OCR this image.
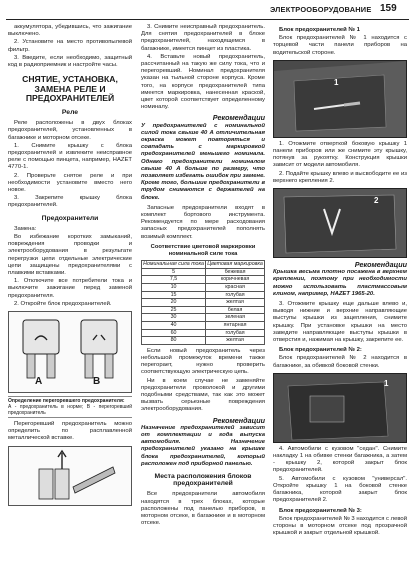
ЭЛЕКТРООБОРУДОВАНИЕ 159
аккумулятора, убедившись, что зажигание выключено.
2. Установите на место противопылевой фильтр.
3. Введите, если необходимо, защитный код в радиоприемник и настройте часы.
СНЯТИЕ, УСТАНОВКА, ЗАМЕНА РЕЛЕ И ПРЕДОХРАНИТЕЛЕЙ
Реле
Реле расположены в двух блоках предохранителей, установленных в багажнике и моторном отсеке.
1. Снимите крышку с блока предохранителей и извлеките неисправное реле с помощью пинцета, например, HAZET 4770-1.
2. Проверьте снятое реле и при необходимости установите вместо него новое.
3. Закрепите крышку блока предохранителей.
Предохранители
Замена:
Во избежание коротких замыканий, повреждения проводки и электрооборудования в результате перегрузки цепи отдельные электрические цепи защищены предохранителями с плавкими вставками.
1. Отключите все потребители тока и выключите зажигание перед заменой предохранителя.
2. Откройте блок предохранителей.
A	B
Определение перегоревшего предохранителя:
А - предохранитель в норме; В - перегоревший предохранитель
Перегоревший предохранитель можно определить по расплавленной металлической вставке.
3. Снимите неисправный предохранитель. Для снятия предохранителей в блоке предохранителей, находящемся в багажнике, имеется пинцет из пластика.
4. Вставьте новый предохранитель, рассчитанный на такую же силу тока, что и перегоревший. Номинал предохранителя указан на тыльной стороне корпуса. Кроме того, на корпусе предохранителей типа имеется маркировка, нанесенная краской, цвет которой соответствует определенному номиналу.
Рекомендации
У предохранителей с номинальной силой тока свыше 40 А отличительная окраска может повторяться и совпадать с маркировкой предохранителей меньшего номинала. Однако предохранители номиналом свыше 40 А больше по размеру, что позволяет избегать ошибок при замене. Кроме того, большие предохранители в трудом снимаются с держателей на блоке.
Запасные предохранители входят в комплект бортового инструмента. Рекомендуется по мере расходования запасных предохранителей пополнять возимый комплект.
Соответствие цветовой маркировки номинальной силе тока
Номинальная сила тока	Цветовая маркировка
5	бежевая
7,5	коричневая
10	красная
15	голубая
20	желтая
25	белая
30	зеленая
40	янтарная
60	голубая
80	желтая
Если новый предохранитель через небольшой промежуток времени также перегорает, нужно проверить соответствующую электрическую цепь.
Ни в коем случае не заменяйте предохранители проволокой и другими подобными средствами, так как это может вызвать серьезные повреждения электрооборудования.
Рекомендации
Назначение предохранителей зависит от комплектации и года выпуска автомобиля. Назначение предохранителей указано на крышке блока предохранителей, который расположен под приборной панелью.
Места расположения блоков предохранителей
Все предохранители автомобиля находятся в трех блоках, которые расположены под панелью приборов, в моторном отсеке, в багажнике и в моторном отсеке.
Блок предохранителей № 1
Блок предохранителей № 1 находится с торцевой части панели приборов на водительской стороне.
1
1. Отожмите отверткой боковую крышку 1 панели приборов или же снимите эту крышку, потянув за рукоятку. Конструкция крышки зависит от модели автомобиля.
2. Подайте крышку влево и высвободите ее из верхнего крепления 2.
2
Рекомендации
Крышка весьма плотно посажена в верхнем креплении, поэтому при необходимости можно использовать пластмассовым клином, например, HAZET 1965-20.
3. Отожмите крышку еще дальше влево и, выводя нижние и верхние направляющие выступы крышки из зацепления, снимите крышку. При установке крышки на место заведите направляющие выступы крышки в отверстия и, нажимая на крышку, закрепите ее.
Блок предохранителей № 2:
Блок предохранителей № 2 находится в багажнике, за обивкой боковой стенки.
1
4. Автомобили с кузовом "седан". Снимите накладку 1 на обивке стенки багажника, а затем - крышку 2, которой закрыт блок предохранителей.
5. Автомобили с кузовом "универсал". Откройте крышку 1 на боковой стенке багажника, которой закрыт блок предохранителей 2.
Блок предохранителей № 3:
Блок предохранителей № 3 находится с левой стороны в моторном отсеке под прозрачной крышкой и закрыт отдельной крышкой.
